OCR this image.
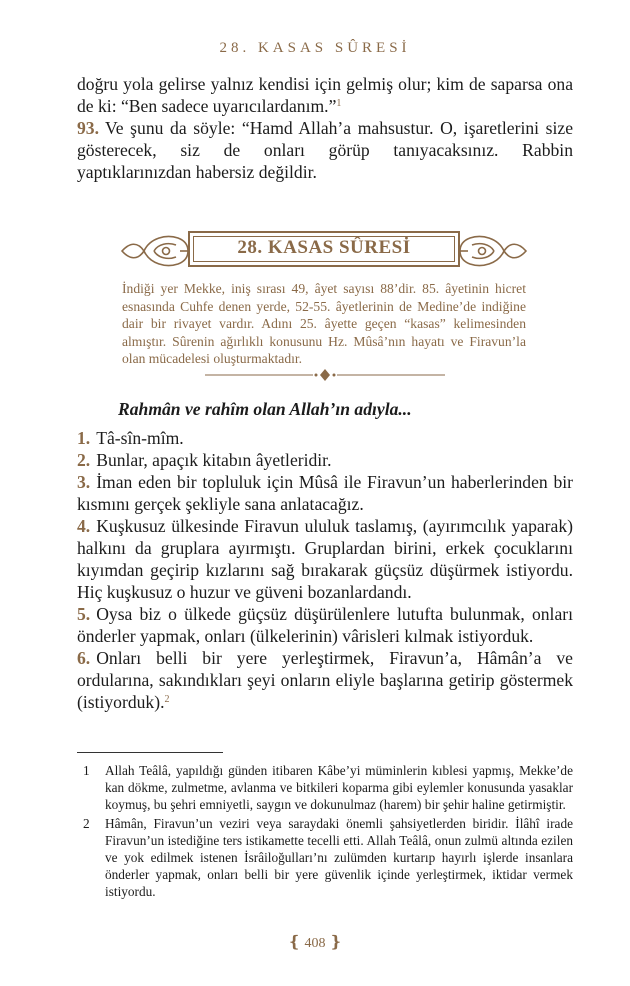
28. KASAS SÛRESİ

doğru yola gelirse yalnız kendisi için gelmiş olur; kim de saparsa ona de ki: “Ben sadece uyarıcılardanım.”$^1$

93. Ve şunu da söyle: “Hamd Allah’a mahsustur. O, işaretlerini size gösterecek, siz de onları görüp tanıyacaksınız. Rabbin yaptıklarınızdan habersiz değildir.

28. KASAS SÛRESİ
İndiği yer Mekke, iniş sırası 49, âyet sayısı 88’dir. 85. âyetinin hicret esnasında Cuhfe denen yerde, 52-55. âyetlerinin de Medine’de indiğine dair bir rivayet vardır. Adını 25. âyette geçen “kasas” kelimesinden almıştır. Sûrenin ağırlıklı konusunu Hz. Mûsâ’nın hayatı ve Firavun’la olan mücadelesi oluşturmaktadır.
Rahmân ve rahîm olan Allah’ın adıyla...

1. Tâ-sîn-mîm.

2. Bunlar, apaçık kitabın âyetleridir.

3. İman eden bir topluluk için Mûsâ ile Firavun’un haberlerinden bir kısmını gerçek şekliyle sana anlatacağız.

4. Kuşkusuz ülkesinde Firavun ululuk taslamış, (ayırımcılık yaparak) halkını da gruplara ayırmıştı. Gruplardan birini, erkek çocuklarını kıyımdan geçirip kızlarını sağ bırakarak güçsüz düşürmek istiyordu. Hiç kuşkusuz o huzur ve güveni bozanlardandı.

5. Oysa biz o ülkede güçsüz düşürülenlere lutufta bulunmak, onları önderler yapmak, onları (ülkelerinin) vârisleri kılmak istiyorduk.

6. Onları belli bir yere yerleştirmek, Firavun’a, Hâmân’a ve ordularına, sakındıkları şeyi onların eliyle başlarına getirip göstermek (istiyorduk).$^2$

1	Allah Teâlâ, yapıldığı günden itibaren Kâbe’yi müminlerin kıblesi yapmış, Mekke’de kan dökme, zulmetme, avlanma ve bitkileri koparma gibi eylemler konusunda yasaklar koymuş, bu şehri emniyetli, saygın ve dokunulmaz (harem) bir şehir haline getirmiştir.
2	Hâmân, Firavun’un veziri veya saraydaki önemli şahsiyetlerden biridir. İlâhî irade Firavun’un istediğine ters istikamette tecelli etti. Allah Teâlâ, onun zulmü altında ezilen ve yok edilmek istenen İsrâiloğulları’nı zulümden kurtarıp hayırlı işlerde insanlara önderler yapmak, onları belli bir yere güvenlik içinde yerleştirmek, iktidar vermek istiyordu.
❴ 408 ❵
